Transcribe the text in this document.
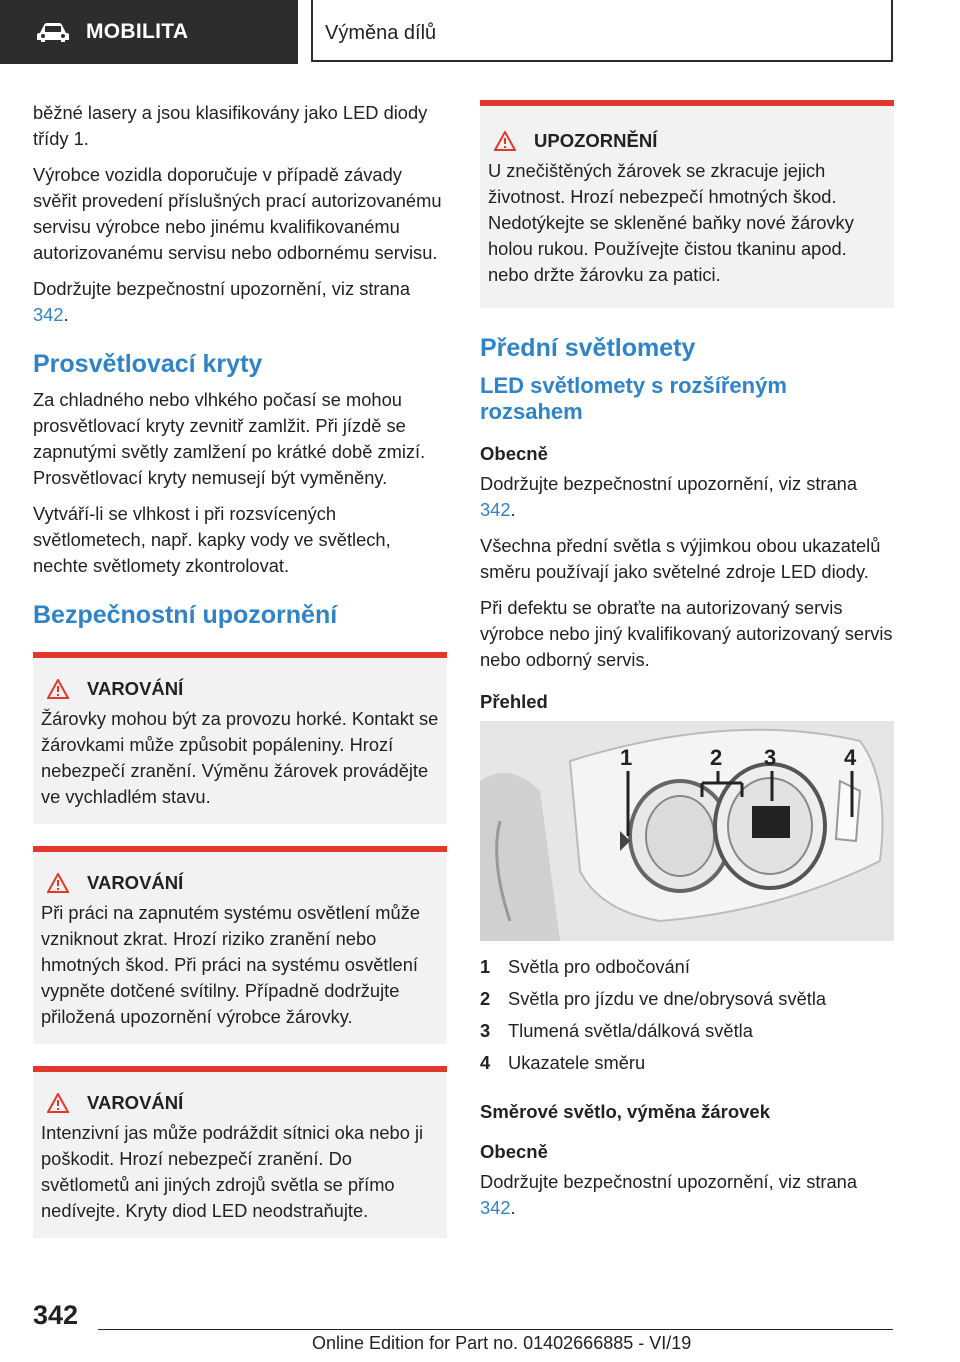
MOBILITA	Výměna dílů

běžné lasery a jsou klasifikovány jako LED diody třídy 1.

Výrobce vozidla doporučuje v případě závady svěřit provedení příslušných prací autorizovanému servisu výrobce nebo jinému kvalifikovanému autorizovanému servisu nebo odbornému servisu.

Dodržujte bezpečnostní upozornění, viz strana 342.

Prosvětlovací kryty

Za chladného nebo vlhkého počasí se mohou prosvětlovací kryty zevnitř zamlžit. Při jízdě se zapnutými světly zamlžení po krátké době zmizí. Prosvětlovací kryty nemusejí být vyměněny.

Vytváří-li se vlhkost i při rozsvícených světlometech, např. kapky vody ve světlech, nechte světlomety zkontrolovat.

Bezpečnostní upozornění
VAROVÁNÍ

Žárovky mohou být za provozu horké. Kontakt se žárovkami může způsobit popáleniny. Hrozí nebezpečí zranění. Výměnu žárovek provádějte ve vychladlém stavu.

VAROVÁNÍ

Při práci na zapnutém systému osvětlení může vzniknout zkrat. Hrozí riziko zranění nebo hmotných škod. Při práci na systému osvětlení vypněte dotčené svítilny. Případně dodržujte přiložená upozornění výrobce žárovky.

VAROVÁNÍ

Intenzivní jas může podráždit sítnici oka nebo ji poškodit. Hrozí nebezpečí zranění. Do světlometů ani jiných zdrojů světla se přímo nedívejte. Kryty diod LED neodstraňujte.

UPOZORNĚNÍ

U znečištěných žárovek se zkracuje jejich životnost. Hrozí nebezpečí hmotných škod. Nedotýkejte se skleněné baňky nové žárovky holou rukou. Používejte čistou tkaninu apod. nebo držte žárovku za patici.

Přední světlomety
LED světlomety s rozšířeným rozsahem
Obecně

Dodržujte bezpečnostní upozornění, viz strana 342.

Všechna přední světla s výjimkou obou ukazatelů směru používají jako světelné zdroje LED diody.

Při defektu se obraťte na autorizovaný servis výrobce nebo jiný kvalifikovaný autorizovaný servis nebo odborný servis.

Přehled
1	2 3	4
1 Světla pro odbočování
2 Světla pro jízdu ve dne/obrysová světla
3 Tlumená světla/dálková světla
4 Ukazatele směru
Směrové světlo, výměna žárovek
Obecně

Dodržujte bezpečnostní upozornění, viz strana 342.

342
Online Edition for Part no. 01402666885 - VI/19
